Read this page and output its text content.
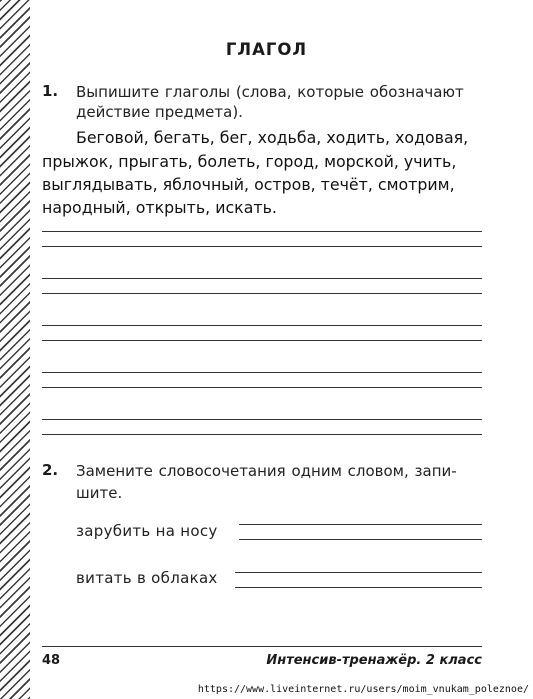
ГЛАГОЛ
1. Выпишите глаголы (слова, которые обозначают
действие предмета).
Беговой, бегать, бег, ходьба, ходить, ходовая,
прыжок, прыгать, болеть, город, морской, учить,
выглядывать, яблочный, остров, течёт, смотрим,
народный, открыть, искать.
2. Замените словосочетания одним словом, запи-
шите.
зарубить на носу
витать в облаках
48	Интенсив-тренажёр. 2 класс
https://www.liveinternet.ru/users/moim_vnukam_poleznoe/
